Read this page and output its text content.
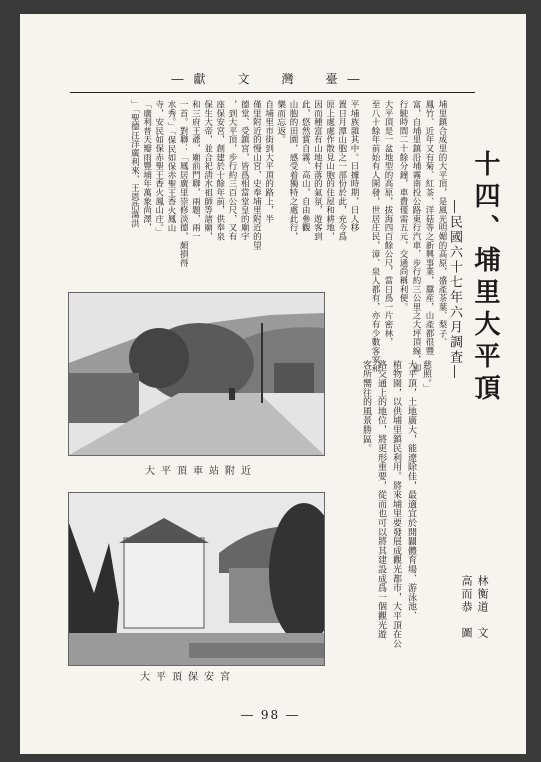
―獻　文　灣　臺―
十四、埔里大平頂
―民國六十七年六月調査―
林衡道　文
高而恭　圖
埔里鎮合成里的大平頂，是風光明媚的高原，盛產茶葉、梨子、
鳳竹、近年又有菊、紅茶、洋菇等之新興事業，蠶産，山產都很豐
富，自埔里鎮沿埔霧南投公路東行汽車，步行約三公里之大坪頂線，即
行駛時間二十餘分鐘，車費僅需五元，交通尚稱利便。
大平頂是一盆地型的高原，拔海四百餘公尺，當日爲一片密林，
至八十餘年前始有人開發，世居庄民，漳、泉人都有，亦有少數客家和
平埔族雜其中。日據時期，日人移
置日月潭山胞之一部份於此，充今爲
原上處處作散見山胞的住屋和耕地，
因而種富有山地村落的氣氛，遊客到
此，悠然賞自霧、高山，自由參觀
山胞的田園，感受着獨特之處此行，
樂而忘返。
自埔里市街到大平頂的路上，半
僅里附近的慢山宮，史奉埔里附近的望
德堂、受鎮宮，皆爲相當堂皇的廟宇
，到大平頂，步行約三百公尺，又有
座保安宮，創建於十餘年前，供奉泉
保生大帝，並合祀淸水祖師等諸廟，
和三府王爺，廟前門聯，兩題，兩一
一首。對聯：「鳳居廣里崇修淡德，頗損得
水秀。」「保民如保赤聖王香火鳳山
寺，安民如保赤聖王香火鳳山庄。」
「廣利普天瓣雨豐埔年萬象尚澤，
」「聖德汪洋廣利來，王恩浩蕩洪
慈照。」
大平頂，土地廣大，能遼除佳，最適宜於開闢體育場、游泳池、
植物園，以供埔里鎮民利用。將來埔里要發展成觀光都市，大平頂在公
路交通上的地位，將更形重要，從而也可以將其建設成爲一個觀光遊
客所嚮往的風景勝區。
大平頂車站附近
大平頂保安宮
― 98 ―
